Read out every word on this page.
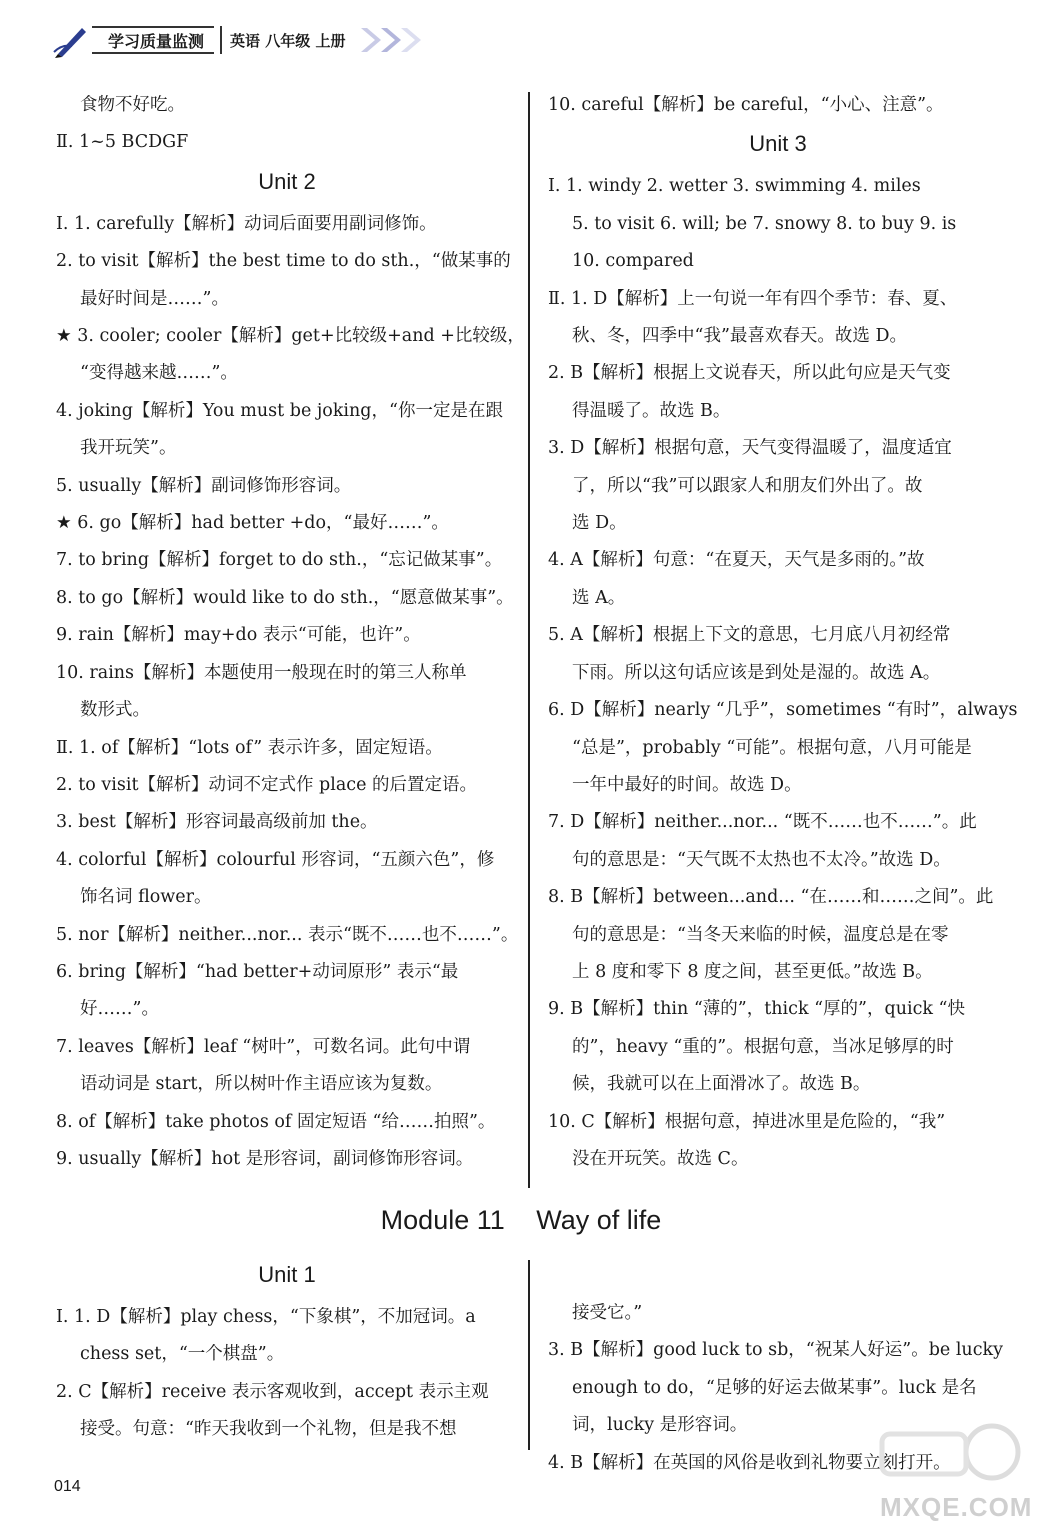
学习质量监测	英语 八年级 上册
食物不好吃。
Ⅱ. 1~5 BCDGF
Unit 2
Ⅰ. 1. carefully【解析】动词后面要用副词修饰。
2. to visit【解析】the best time to do sth.，“做某事的
最好时间是……”。
★ 3. cooler; cooler【解析】get+比较级+and +比较级，
“变得越来越……”。
4. joking【解析】You must be joking，“你一定是在跟
我开玩笑”。
5. usually【解析】副词修饰形容词。
★ 6. go【解析】had better +do，“最好……”。
7. to bring【解析】forget to do sth.，“忘记做某事”。
8. to go【解析】would like to do sth.，“愿意做某事”。
9. rain【解析】may+do 表示“可能，也许”。
10. rains【解析】本题使用一般现在时的第三人称单
数形式。
Ⅱ. 1. of【解析】“lots of” 表示许多，固定短语。
2. to visit【解析】动词不定式作 place 的后置定语。
3. best【解析】形容词最高级前加 the。
4. colorful【解析】colourful 形容词，“五颜六色”，修
饰名词 flower。
5. nor【解析】neither...nor... 表示“既不……也不……”。
6. bring【解析】“had better+动词原形” 表示“最
好……”。
7. leaves【解析】leaf “树叶”，可数名词。此句中谓
语动词是 start，所以树叶作主语应该为复数。
8. of【解析】take photos of 固定短语 “给……拍照”。
9. usually【解析】hot 是形容词，副词修饰形容词。
10. careful【解析】be careful，“小心、注意”。
Unit 3
Ⅰ. 1. windy 2. wetter 3. swimming 4. miles
5. to visit 6. will; be 7. snowy 8. to buy 9. is
10. compared
Ⅱ. 1. D【解析】上一句说一年有四个季节：春、夏、
秋、冬，四季中“我”最喜欢春天。故选 D。
2. B【解析】根据上文说春天，所以此句应是天气变
得温暖了。故选 B。
3. D【解析】根据句意，天气变得温暖了，温度适宜
了，所以“我”可以跟家人和朋友们外出了。故
选 D。
4. A【解析】句意：“在夏天，天气是多雨的。”故
选 A。
5. A【解析】根据上下文的意思，七月底八月初经常
下雨。所以这句话应该是到处是湿的。故选 A。
6. D【解析】nearly “几乎”，sometimes “有时”，always
“总是”，probably “可能”。根据句意，八月可能是
一年中最好的时间。故选 D。
7. D【解析】neither...nor... “既不……也不……”。此
句的意思是：“天气既不太热也不太冷。”故选 D。
8. B【解析】between...and... “在……和……之间”。此
句的意思是：“当冬天来临的时候，温度总是在零
上 8 度和零下 8 度之间，甚至更低。”故选 B。
9. B【解析】thin “薄的”，thick “厚的”，quick “快
的”，heavy “重的”。根据句意，当冰足够厚的时
候，我就可以在上面滑冰了。故选 B。
10. C【解析】根据句意，掉进冰里是危险的，“我”
没在开玩笑。故选 C。
Module 11 Way of life
Unit 1
Ⅰ. 1. D【解析】play chess，“下象棋”，不加冠词。a
chess set，“一个棋盘”。
2. C【解析】receive 表示客观收到，accept 表示主观
接受。句意：“昨天我收到一个礼物，但是我不想
接受它。”
3. B【解析】good luck to sb，“祝某人好运”。be lucky
enough to do，“足够的好运去做某事”。luck 是名
词，lucky 是形容词。
4. B【解析】在英国的风俗是收到礼物要立刻打开。
014
MXQE.COM
